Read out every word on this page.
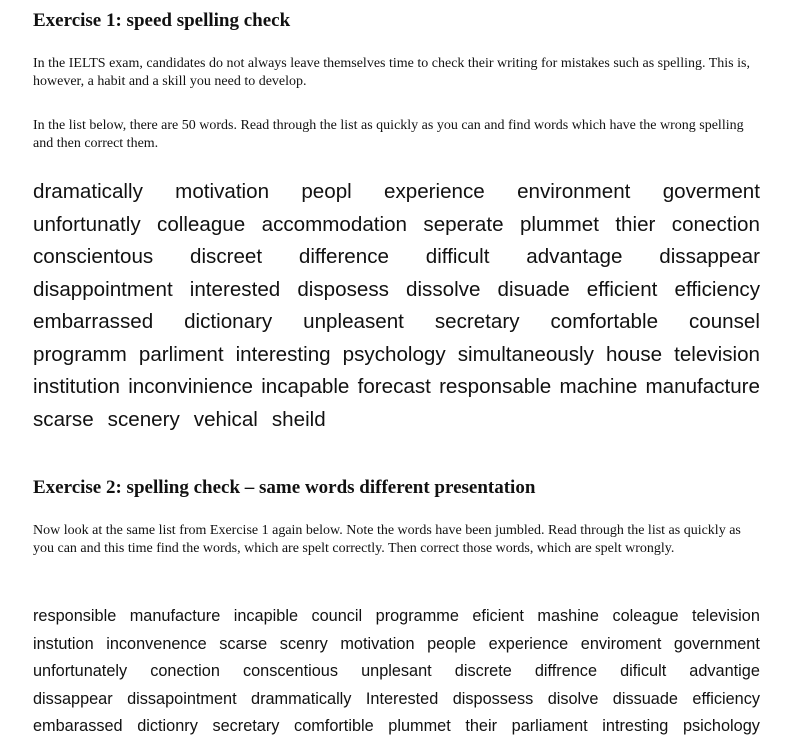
Exercise 1: speed spelling check

In the IELTS exam, candidates do not always leave themselves time to check their writing for mistakes such as spelling. This is, however, a habit and a skill you need to develop.

In the list below, there are 50 words. Read through the list as quickly as you can and find words which have the wrong spelling and then correct them.

dramatically motivation peopl experience environment goverment
unfortunatly colleague accommodation seperate plummet thier conection
conscientous discreet difference difficult advantage dissappear
disappointment interested disposess dissolve disuade efficient efficiency
embarrassed dictionary unpleasent secretary comfortable counsel
programm parliment interesting psychology simultaneously house television
institution inconvinience incapable forecast responsable machine manufacture
scarse scenery vehical sheild
Exercise 2: spelling check – same words different presentation

Now look at the same list from Exercise 1 again below. Note the words have been jumbled. Read through the list as quickly as you can and this time find the words, which are spelt correctly. Then correct those words, which are spelt wrongly.

responsible manufacture incapible council programme eficient mashine coleague television
instution inconvenence scarse scenry motivation people experience enviroment government
unfortunately conection conscentious unplesant discrete diffrence dificult advantige
dissappear dissapointment drammatically Interested dispossess disolve dissuade efficiency
embarassed dictionry secretary comfortible plummet their parliament intresting psichology
